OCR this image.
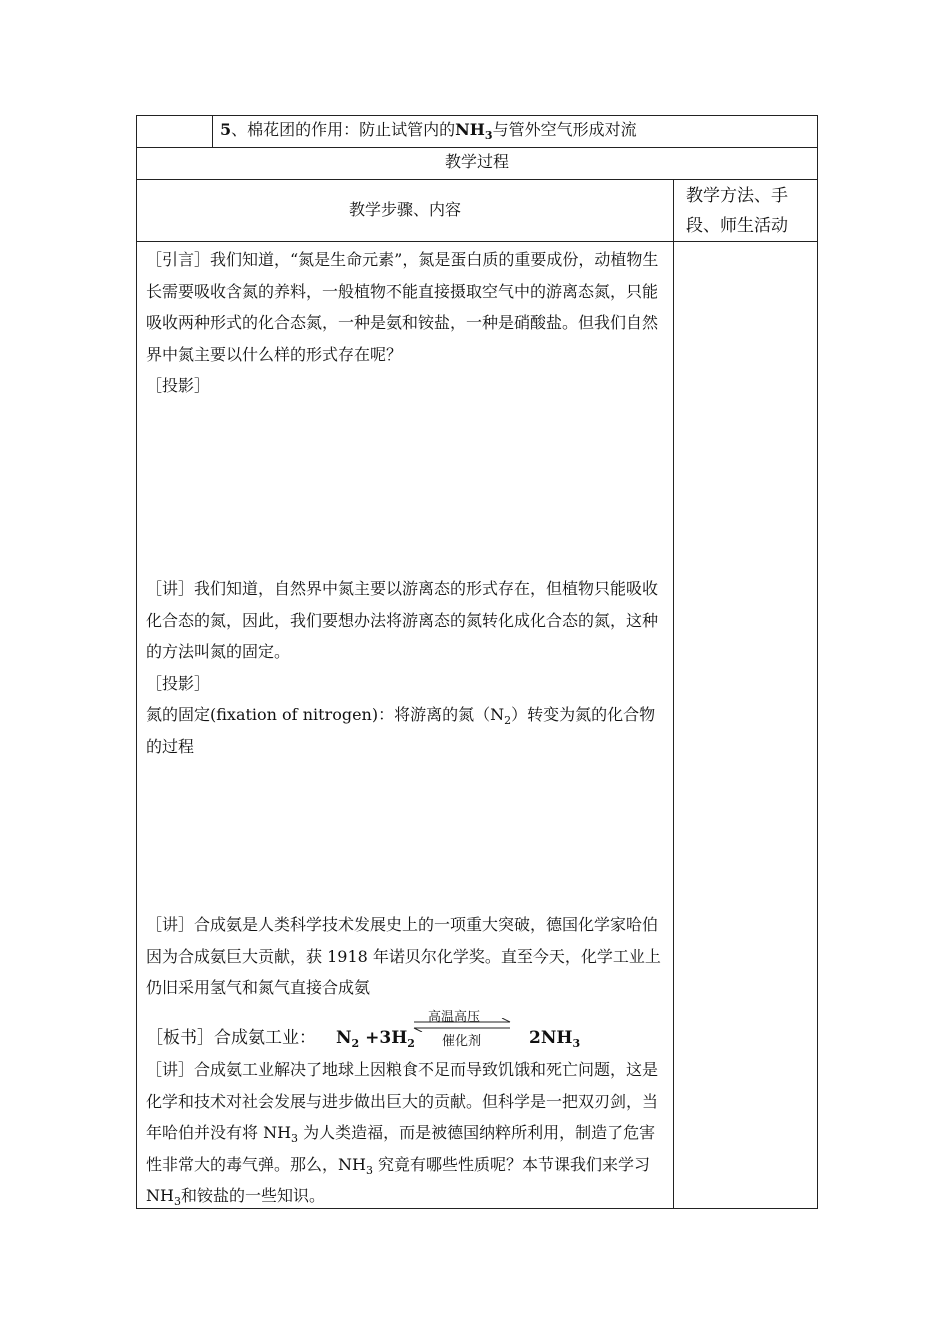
5、棉花团的作用：防止试管内的$NH_3$与管外空气形成对流
教学过程
教学步骤、内容
教学方法、手
段、师生活动

［引言］我们知道，“氮是生命元素”，氮是蛋白质的重要成份，动植物生长需要吸收含氮的养料，一般植物不能直接摄取空气中的游离态氮，只能吸收两种形式的化合态氮，一种是氨和铵盐，一种是硝酸盐。但我们自然界中氮主要以什么样的形式存在呢？

［投影］

［讲］我们知道，自然界中氮主要以游离态的形式存在，但植物只能吸收化合态的氮，因此，我们要想办法将游离态的氮转化成化合态的氮，这种的方法叫氮的固定。

［投影］

氮的固定(fixation of nitrogen)：将游离的氮$(N_2)$转变为氮的化合物的过程

［讲］合成氨是人类科学技术发展史上的一项重大突破，德国化学家哈伯因为合成氨巨大贡献，获 1918 年诺贝尔化学奖。直至今天，化学工业上仍旧采用氢气和氮气直接合成氨

［板书］合成氨工业： $N_2 +3H_2$
高温高压
催化剂	$2NH_3$

［讲］合成氨工业解决了地球上因粮食不足而导致饥饿和死亡问题，这是化学和技术对社会发展与进步做出巨大的贡献。但科学是一把双刃剑，当年哈伯并没有将 $NH_3$ 为人类造福，而是被德国纳粹所利用，制造了危害性非常大的毒气弹。那么，$NH_3$ 究竟有哪些性质呢？本节课我们来学习 $NH_3$和铵盐的一些知识。
